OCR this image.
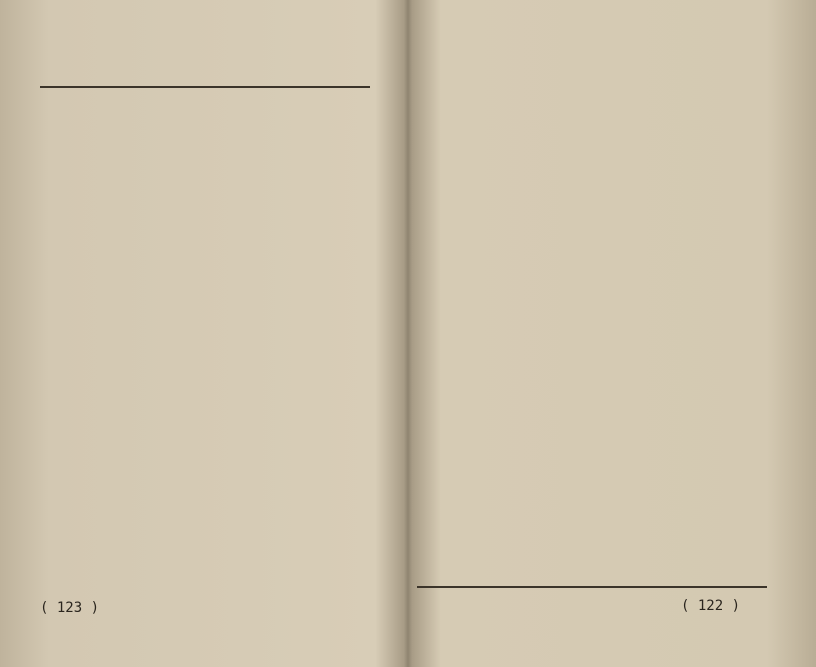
( 123 )	( 122 )
